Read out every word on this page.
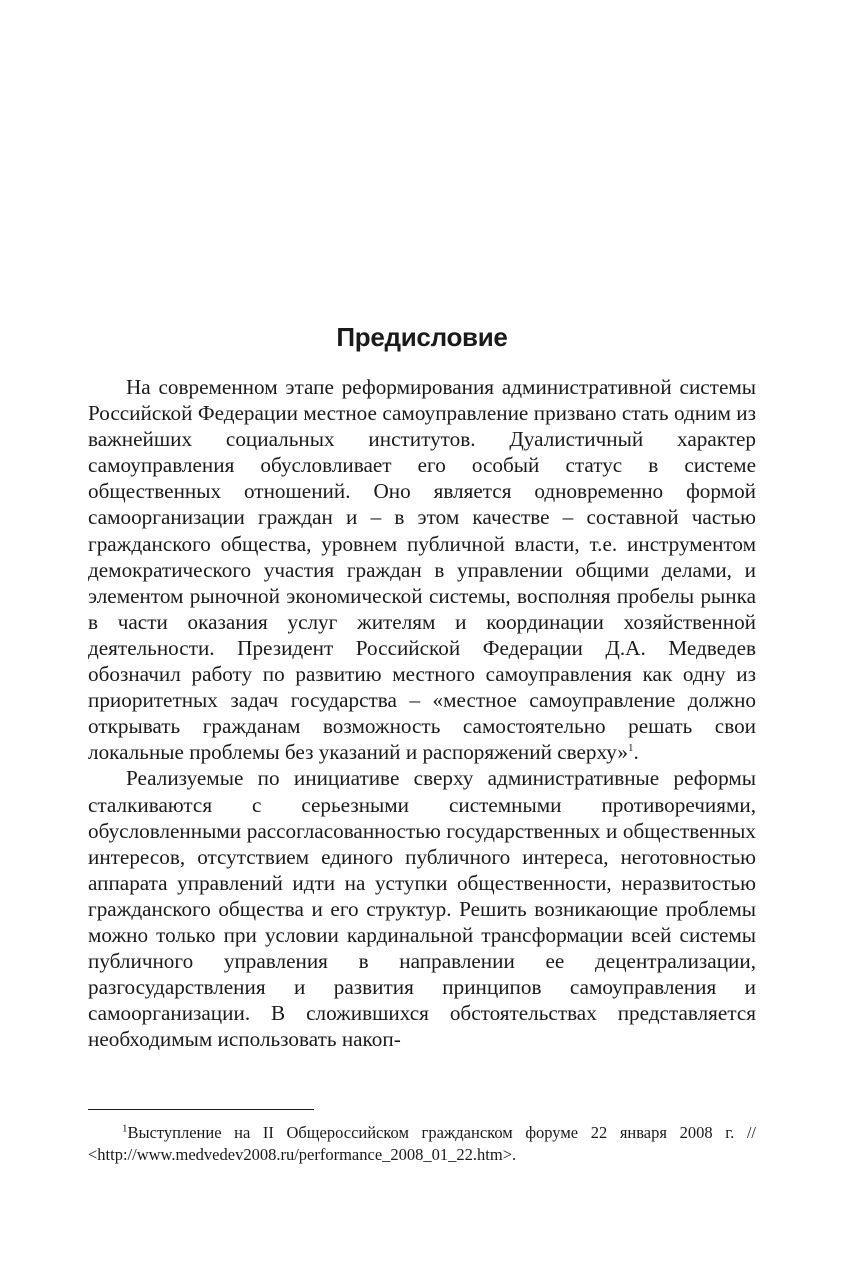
Предисловие

На современном этапе реформирования административной системы Российской Федерации местное самоуправление призвано стать одним из важнейших социальных институтов. Дуалистичный характер самоуправления обусловливает его особый статус в системе общественных отношений. Оно является одновременно формой самоорганизации граждан и – в этом качестве – составной частью гражданского общества, уровнем публичной власти, т.е. инструментом демократического участия граждан в управлении общими делами, и элементом рыночной экономической системы, восполняя пробелы рынка в части оказания услуг жителям и координации хозяйственной деятельности. Президент Российской Федерации Д.А. Медведев обозначил работу по развитию местного самоуправления как одну из приоритетных задач государства – «местное самоуправление должно открывать гражданам возможность самостоятельно решать свои локальные проблемы без указаний и распоряжений сверху»$^1$.

Реализуемые по инициативе сверху административные реформы сталкиваются с серьезными системными противоречиями, обусловленными рассогласованностью государственных и общественных интересов, отсутствием единого публичного интереса, неготовностью аппарата управлений идти на уступки общественности, неразвитостью гражданского общества и его структур. Решить возникающие проблемы можно только при условии кардинальной трансформации всей системы публичного управления в направлении ее децентрализации, разгосударствления и развития принципов самоуправления и самоорганизации. В сложившихся обстоятельствах представляется необходимым использовать накоп-

$^1$Выступление на II Общероссийском гражданском форуме 22 января 2008 г. // <http://www.medvedev2008.ru/performance_2008_01_22.htm>.
